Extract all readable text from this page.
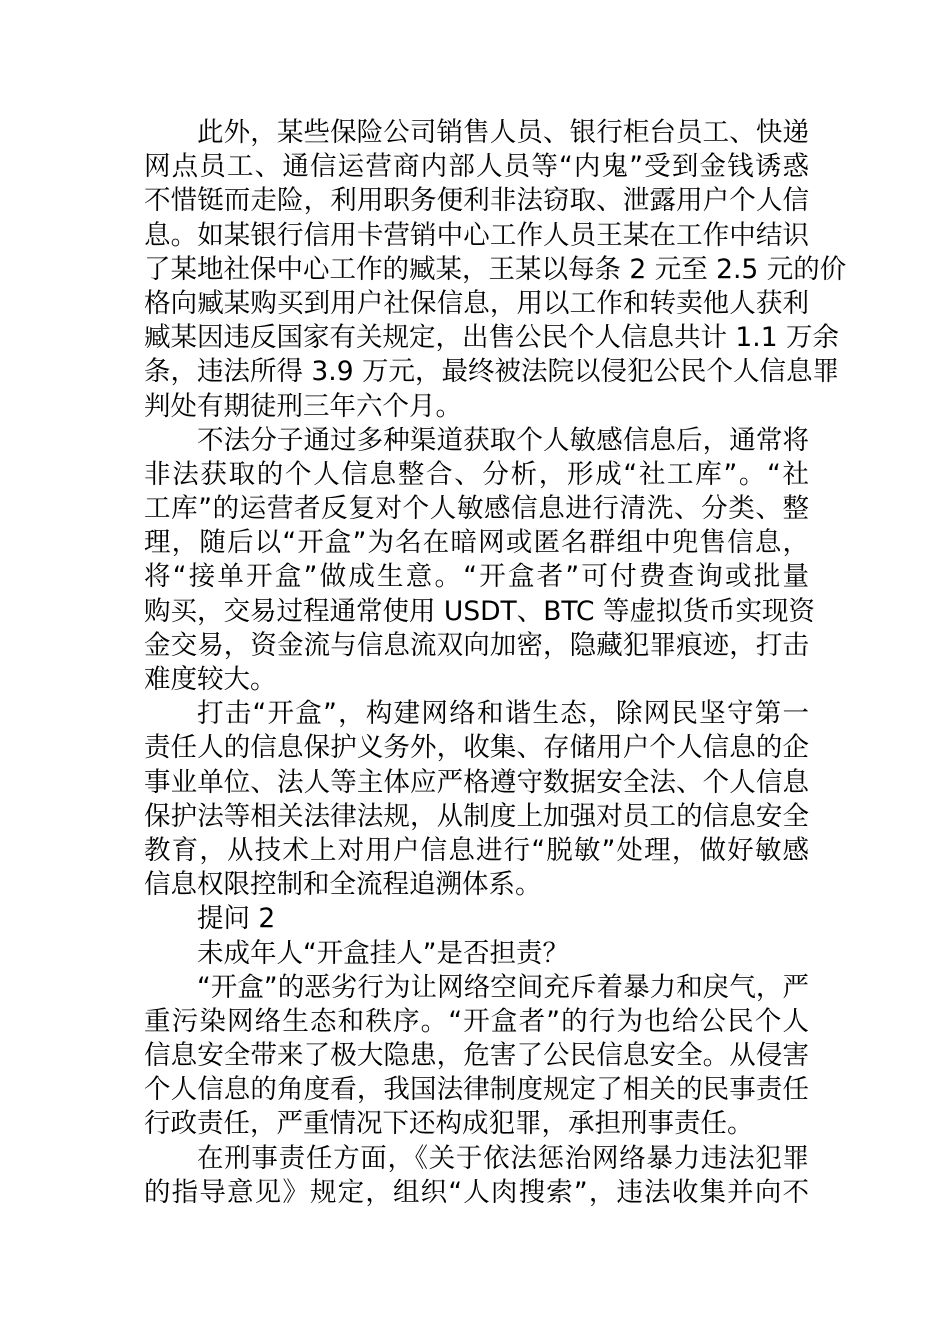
此外，某些保险公司销售人员、银行柜台员工、快递
网点员工、通信运营商内部人员等“内鬼”受到金钱诱惑
不惜铤而走险，利用职务便利非法窃取、泄露用户个人信
息。如某银行信用卡营销中心工作人员王某在工作中结识
了某地社保中心工作的臧某，王某以每条 2 元至 2.5 元的价
格向臧某购买到用户社保信息，用以工作和转卖他人获利
臧某因违反国家有关规定，出售公民个人信息共计 1.1 万余
条，违法所得 3.9 万元，最终被法院以侵犯公民个人信息罪
判处有期徒刑三年六个月。
不法分子通过多种渠道获取个人敏感信息后，通常将
非法获取的个人信息整合、分析，形成“社工库”。“社
工库”的运营者反复对个人敏感信息进行清洗、分类、整
理，随后以“开盒”为名在暗网或匿名群组中兜售信息，
将“接单开盒”做成生意。“开盒者”可付费查询或批量
购买，交易过程通常使用 USDT、BTC 等虚拟货币实现资
金交易，资金流与信息流双向加密，隐藏犯罪痕迹，打击
难度较大。
打击“开盒”，构建网络和谐生态，除网民坚守第一
责任人的信息保护义务外，收集、存储用户个人信息的企
事业单位、法人等主体应严格遵守数据安全法、个人信息
保护法等相关法律法规，从制度上加强对员工的信息安全
教育，从技术上对用户信息进行“脱敏”处理，做好敏感
信息权限控制和全流程追溯体系。
提问 2
未成年人“开盒挂人”是否担责？
“开盒”的恶劣行为让网络空间充斥着暴力和戾气，严
重污染网络生态和秩序。“开盒者”的行为也给公民个人
信息安全带来了极大隐患，危害了公民信息安全。从侵害
个人信息的角度看，我国法律制度规定了相关的民事责任
行政责任，严重情况下还构成犯罪，承担刑事责任。
在刑事责任方面，《关于依法惩治网络暴力违法犯罪
的指导意见》规定，组织“人肉搜索”，违法收集并向不
